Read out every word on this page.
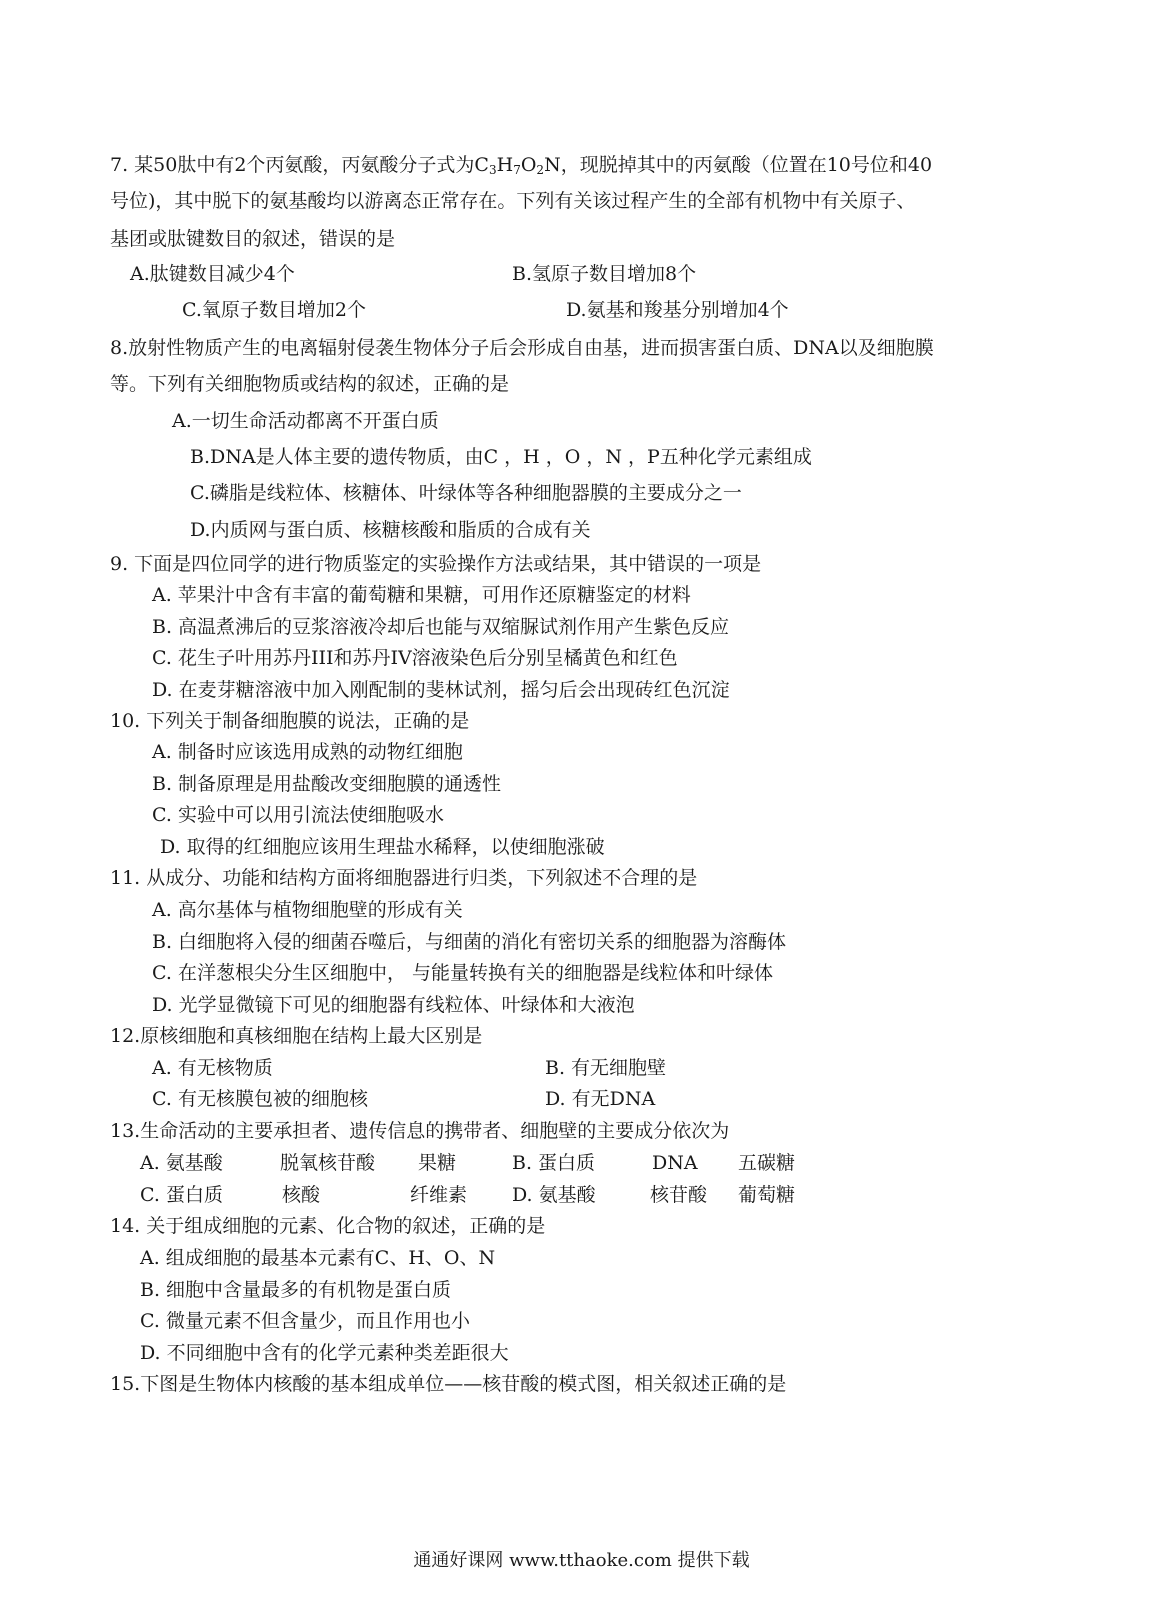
7. 某50肽中有2个丙氨酸，丙氨酸分子式为$C_3H_7O_2N$，现脱掉其中的丙氨酸（位置在10号位和40
号位)，其中脱下的氨基酸均以游离态正常存在。下列有关该过程产生的全部有机物中有关原子、
基团或肽键数目的叙述，错误的是
A.肽键数目减少4个	B.氢原子数目增加8个
C.氧原子数目增加2个	D.氨基和羧基分别增加4个
8.放射性物质产生的电离辐射侵袭生物体分子后会形成自由基，进而损害蛋白质、DNA以及细胞膜
等。下列有关细胞物质或结构的叙述，正确的是
A.一切生命活动都离不开蛋白质
B.DNA是人体主要的遗传物质，由C ，H ，O ，N ，P五种化学元素组成
C.磷脂是线粒体、核糖体、叶绿体等各种细胞器膜的主要成分之一
D.内质网与蛋白质、核糖核酸和脂质的合成有关
9. 下面是四位同学的进行物质鉴定的实验操作方法或结果，其中错误的一项是
A. 苹果汁中含有丰富的葡萄糖和果糖，可用作还原糖鉴定的材料
B. 高温煮沸后的豆浆溶液冷却后也能与双缩脲试剂作用产生紫色反应
C. 花生子叶用苏丹III和苏丹IV溶液染色后分别呈橘黄色和红色
D. 在麦芽糖溶液中加入刚配制的斐林试剂，摇匀后会出现砖红色沉淀
10. 下列关于制备细胞膜的说法，正确的是
A. 制备时应该选用成熟的动物红细胞
B. 制备原理是用盐酸改变细胞膜的通透性
C. 实验中可以用引流法使细胞吸水
D. 取得的红细胞应该用生理盐水稀释，以使细胞涨破
11. 从成分、功能和结构方面将细胞器进行归类，下列叙述不合理的是
A. 高尔基体与植物细胞壁的形成有关
B. 白细胞将入侵的细菌吞噬后，与细菌的消化有密切关系的细胞器为溶酶体
C. 在洋葱根尖分生区细胞中， 与能量转换有关的细胞器是线粒体和叶绿体
D. 光学显微镜下可见的细胞器有线粒体、叶绿体和大液泡
12.原核细胞和真核细胞在结构上最大区别是
A. 有无核物质	B. 有无细胞壁
C. 有无核膜包被的细胞核	D. 有无DNA
13.生命活动的主要承担者、遗传信息的携带者、细胞壁的主要成分依次为
A. 氨基酸	脱氧核苷酸 果糖	B. 蛋白质	DNA 五碳糖
C. 蛋白质	核酸	纤维素 D. 氨基酸	核苷酸 葡萄糖
14. 关于组成细胞的元素、化合物的叙述，正确的是
A. 组成细胞的最基本元素有C、H、O、N
B. 细胞中含量最多的有机物是蛋白质
C. 微量元素不但含量少，而且作用也小
D. 不同细胞中含有的化学元素种类差距很大
15.下图是生物体内核酸的基本组成单位——核苷酸的模式图，相关叙述正确的是
通通好课网 www.tthaoke.com 提供下载
